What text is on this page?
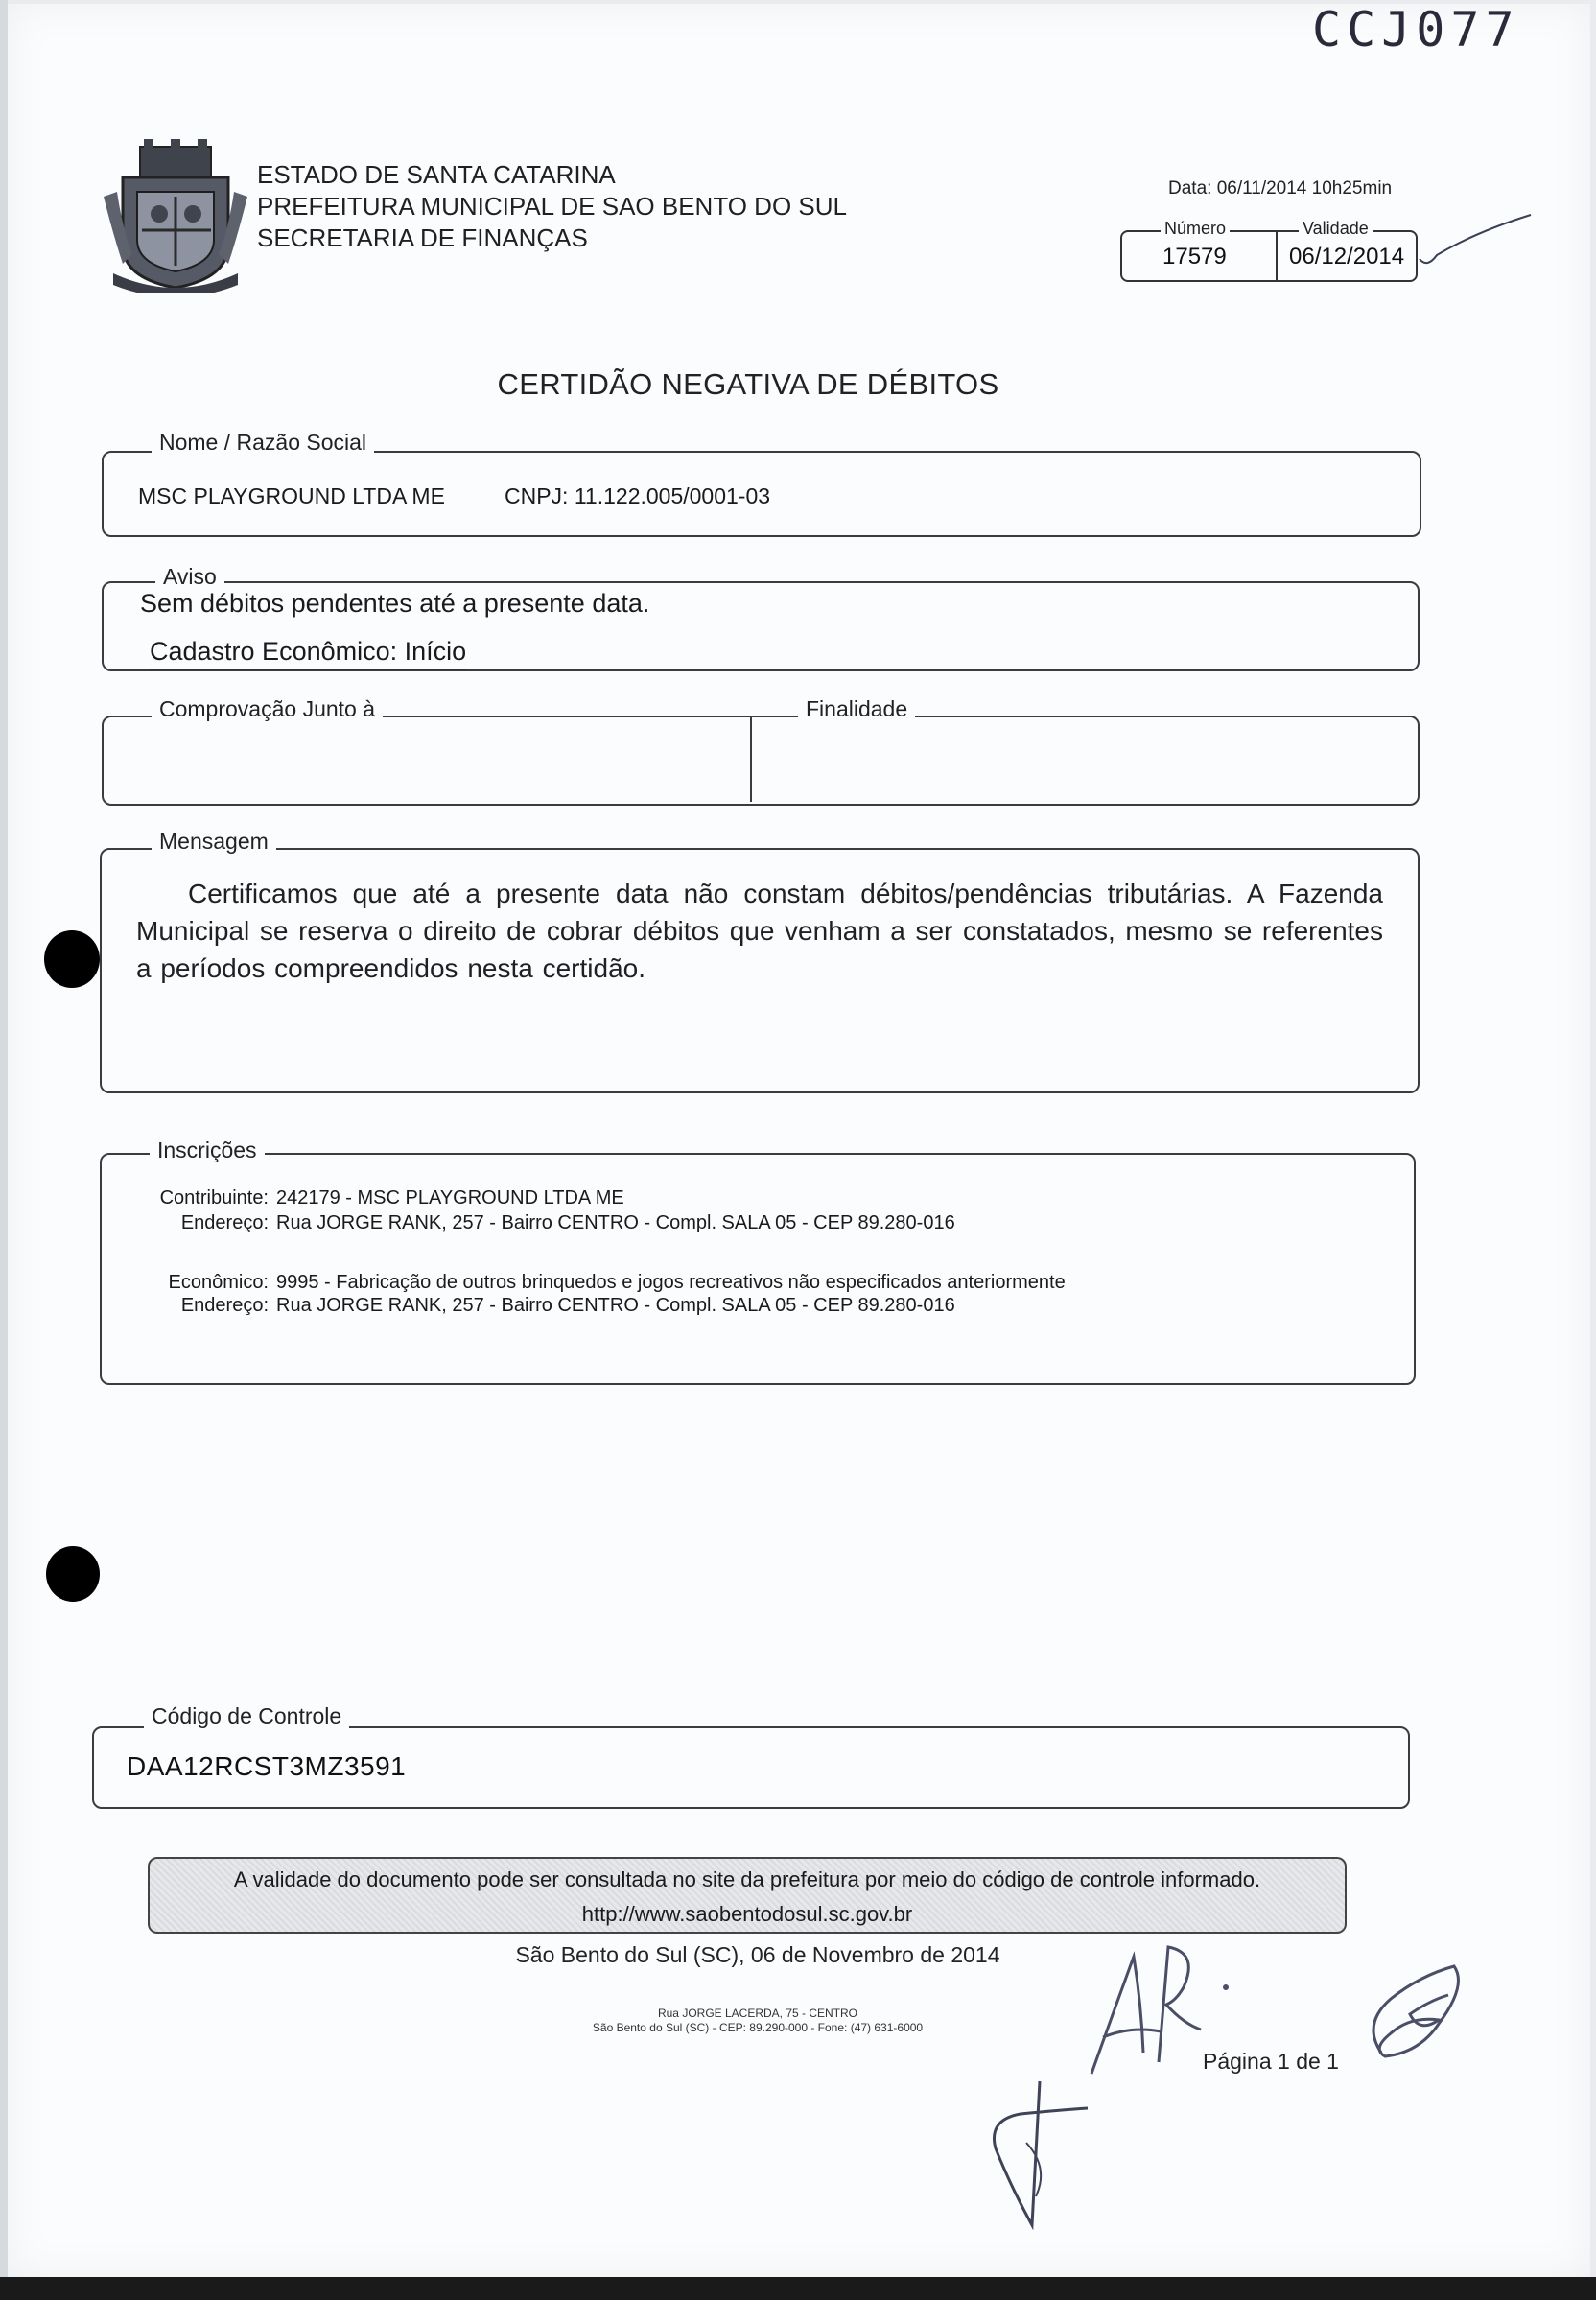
CCJ077
ESTADO DE SANTA CATARINA
PREFEITURA MUNICIPAL DE SAO BENTO DO SUL
SECRETARIA DE FINANÇAS
Data: 06/11/2014 10h25min
Número	Validade
17579	06/12/2014
CERTIDÃO NEGATIVA DE DÉBITOS
Nome / Razão Social
MSC PLAYGROUND LTDA ME	CNPJ: 11.122.005/0001-03
Aviso
Sem débitos pendentes até a presente data.
Cadastro Econômico: Início
Comprovação Junto à	Finalidade
Mensagem
Certificamos que até a presente data não constam débitos/pendências tributárias. A Fazenda Municipal se reserva o direito de cobrar débitos que venham a ser constatados, mesmo se referentes a períodos compreendidos nesta certidão.
Inscrições
Contribuinte: 242179 - MSC PLAYGROUND LTDA ME
Endereço: Rua JORGE RANK, 257 - Bairro CENTRO - Compl. SALA 05 - CEP 89.280-016
Econômico: 9995 - Fabricação de outros brinquedos e jogos recreativos não especificados anteriormente
Endereço: Rua JORGE RANK, 257 - Bairro CENTRO - Compl. SALA 05 - CEP 89.280-016
Código de Controle
DAA12RCST3MZ3591
A validade do documento pode ser consultada no site da prefeitura por meio do código de controle informado.
http://www.saobentodosul.sc.gov.br
São Bento do Sul (SC), 06 de Novembro de 2014
Rua JORGE LACERDA, 75 - CENTRO
São Bento do Sul (SC) - CEP: 89.290-000 - Fone: (47) 631-6000
Página 1 de 1
